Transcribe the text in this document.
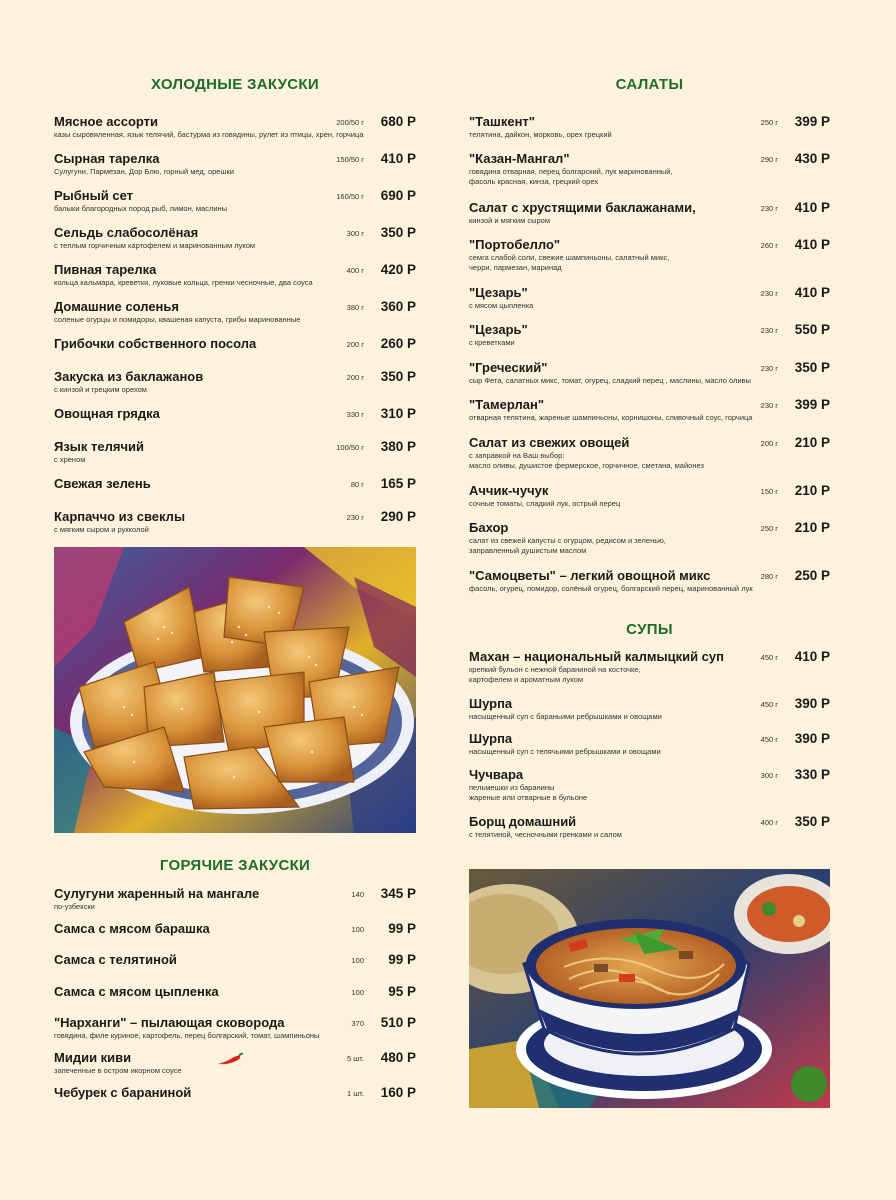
ХОЛОДНЫЕ ЗАКУСКИ
Мясное ассорти	200/50 г 680 Р
казы сыровяленная, язык телячий, бастурма из говядины, рулет из птицы, хрен, горчица
Сырная тарелка	150/50 г 410 Р
Сулугуни, Пармезан, Дор Блю, горный мед, орешки
Рыбный сет	160/50 г 690 Р
балыки благородных пород рыб, лимон, маслины
Сельдь слабосолёная	300 г 350 Р
с теплым горчичным картофелем и маринованным луком
Пивная тарелка	400 г 420 Р
кольца кальмара, креветки, луковые кольца, гренки чесночные, два соуса
Домашние соленья	380 г 360 Р
соленые огурцы и помидоры, квашеная капуста, грибы маринованные
Грибочки собственного посола	200 г 260 Р
Закуска из баклажанов	200 г 350 Р
с кинзой и грецким орехом
Овощная грядка	330 г 310 Р
Язык телячий	100/50 г 380 Р
с хреном
Свежая зелень	80 г 165 Р
Карпаччо из свеклы	230 г 290 Р
с мягким сыром и рукколой
ГОРЯЧИЕ ЗАКУСКИ
Сулугуни жаренный на мангале	140 345 Р
по-узбекски
Самса с мясом барашка	100 99 Р
Самса с телятиной	100 99 Р
Самса с мясом цыпленка	100 95 Р
"Нарханги" – пылающая сковорода	370 510 Р
говядина, филе куриное, картофель, перец болгарский, томат, шампиньоны
Мидии киви	5 шт. 480 Р
запеченные в остром икорном соусе
Чебурек с бараниной	1 шт. 160 Р
САЛАТЫ
"Ташкент"	250 г 399 Р
телятина, дайкон, морковь, орех грецкий
"Казан-Мангал"	290 г 430 Р
говядина отварная, перец болгарский, лук маринованный,
фасоль красная, кинза, грецкий орех
Салат с хрустящими баклажанами,	230 г 410 Р
кинзой и мягким сыром
"Портобелло"	260 г 410 Р
семга слабой соли, свежие шампиньоны, салатный микс,
черри, пармезан, маринад
"Цезарь"	230 г 410 Р
с мясом цыпленка
"Цезарь"	230 г 550 Р
с креветками
"Греческий"	230 г 350 Р
сыр Фета, салатных микс, томат, огурец, сладкий перец , маслины, масло оливы
"Тамерлан"	230 г 399 Р
отварная телятина, жареные шампиньоны, корнишоны, сливочный соус, горчица
Салат из свежих овощей	200 г 210 Р
с заправкой на Ваш выбор:
масло оливы, душистое фермерское, горчичное, сметана, майонез
Аччик-чучук	150 г 210 Р
сочные томаты, сладкий лук, острый перец
Бахор	250 г 210 Р
салат из свежей капусты с огурцом, редисом и зеленью,
заправленный душистым маслом
"Самоцветы" – легкий овощной микс	280 г 250 Р
фасоль, огурец, помидор, солёный огурец, болгарский перец, маринованный лук
СУПЫ
Махан – национальный калмыцкий суп	450 г 410 Р
крепкий бульон с нежной бараниной на косточке,
картофелем и ароматным луком
Шурпа	450 г 390 Р
насыщенный суп с бараньими ребрышками и овощами
Шурпа	450 г 390 Р
насыщенный суп с телячьими ребрышками и овощами
Чучвара	300 г 330 Р
пельмешки из баранины
жареные или отварные в бульоне
Борщ домашний	400 г 350 Р
с телятиной, чесночными гренками и салом
